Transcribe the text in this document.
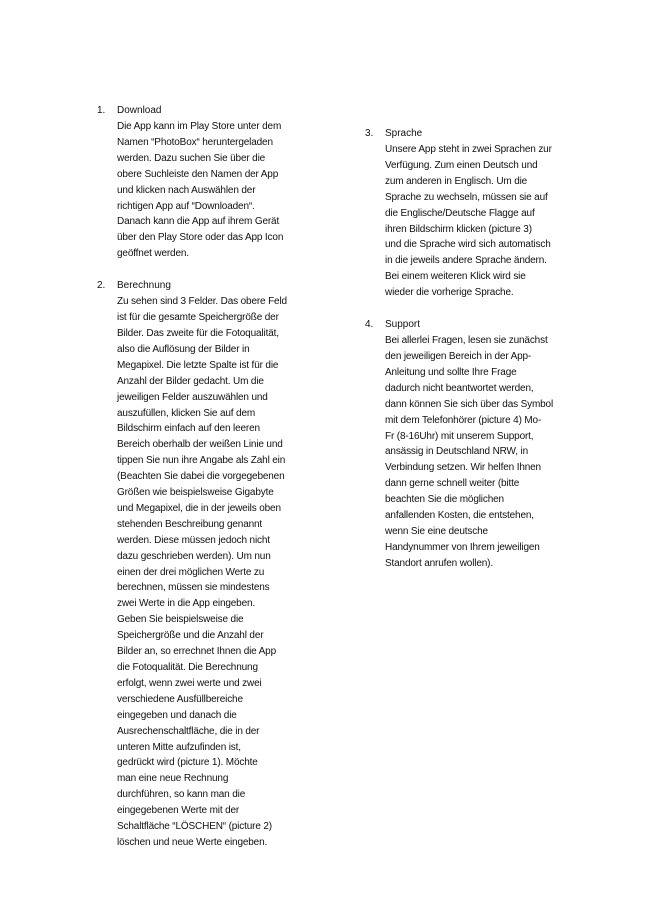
1. Download
Die App kann im Play Store unter dem
Namen “PhotoBox“ heruntergeladen
werden. Dazu suchen Sie über die
obere Suchleiste den Namen der App
und klicken nach Auswählen der
richtigen App auf “Downloaden“.
Danach kann die App auf ihrem Gerät
über den Play Store oder das App Icon
geöffnet werden.
2. Berechnung
Zu sehen sind 3 Felder. Das obere Feld
ist für die gesamte Speichergröße der
Bilder. Das zweite für die Fotoqualität,
also die Auflösung der Bilder in
Megapixel. Die letzte Spalte ist für die
Anzahl der Bilder gedacht. Um die
jeweiligen Felder auszuwählen und
auszufüllen, klicken Sie auf dem
Bildschirm einfach auf den leeren
Bereich oberhalb der weißen Linie und
tippen Sie nun ihre Angabe als Zahl ein
(Beachten Sie dabei die vorgegebenen
Größen wie beispielsweise Gigabyte
und Megapixel, die in der jeweils oben
stehenden Beschreibung genannt
werden. Diese müssen jedoch nicht
dazu geschrieben werden). Um nun
einen der drei möglichen Werte zu
berechnen, müssen sie mindestens
zwei Werte in die App eingeben.
Geben Sie beispielsweise die
Speichergröße und die Anzahl der
Bilder an, so errechnet Ihnen die App
die Fotoqualität. Die Berechnung
erfolgt, wenn zwei werte und zwei
verschiedene Ausfüllbereiche
eingegeben und danach die
Ausrechenschaltfläche, die in der
unteren Mitte aufzufinden ist,
gedrückt wird (picture 1). Möchte
man eine neue Rechnung
durchführen, so kann man die
eingegebenen Werte mit der
Schaltfläche “LÖSCHEN“ (picture 2)
löschen und neue Werte eingeben.
3. Sprache
Unsere App steht in zwei Sprachen zur
Verfügung. Zum einen Deutsch und
zum anderen in Englisch. Um die
Sprache zu wechseln, müssen sie auf
die Englische/Deutsche Flagge auf
ihren Bildschirm klicken (picture 3)
und die Sprache wird sich automatisch
in die jeweils andere Sprache ändern.
Bei einem weiteren Klick wird sie
wieder die vorherige Sprache.
4. Support
Bei allerlei Fragen, lesen sie zunächst
den jeweiligen Bereich in der App-
Anleitung und sollte Ihre Frage
dadurch nicht beantwortet werden,
dann können Sie sich über das Symbol
mit dem Telefonhörer (picture 4) Mo-
Fr (8-16Uhr) mit unserem Support,
ansässig in Deutschland NRW, in
Verbindung setzen. Wir helfen Ihnen
dann gerne schnell weiter (bitte
beachten Sie die möglichen
anfallenden Kosten, die entstehen,
wenn Sie eine deutsche
Handynummer von Ihrem jeweiligen
Standort anrufen wollen).
